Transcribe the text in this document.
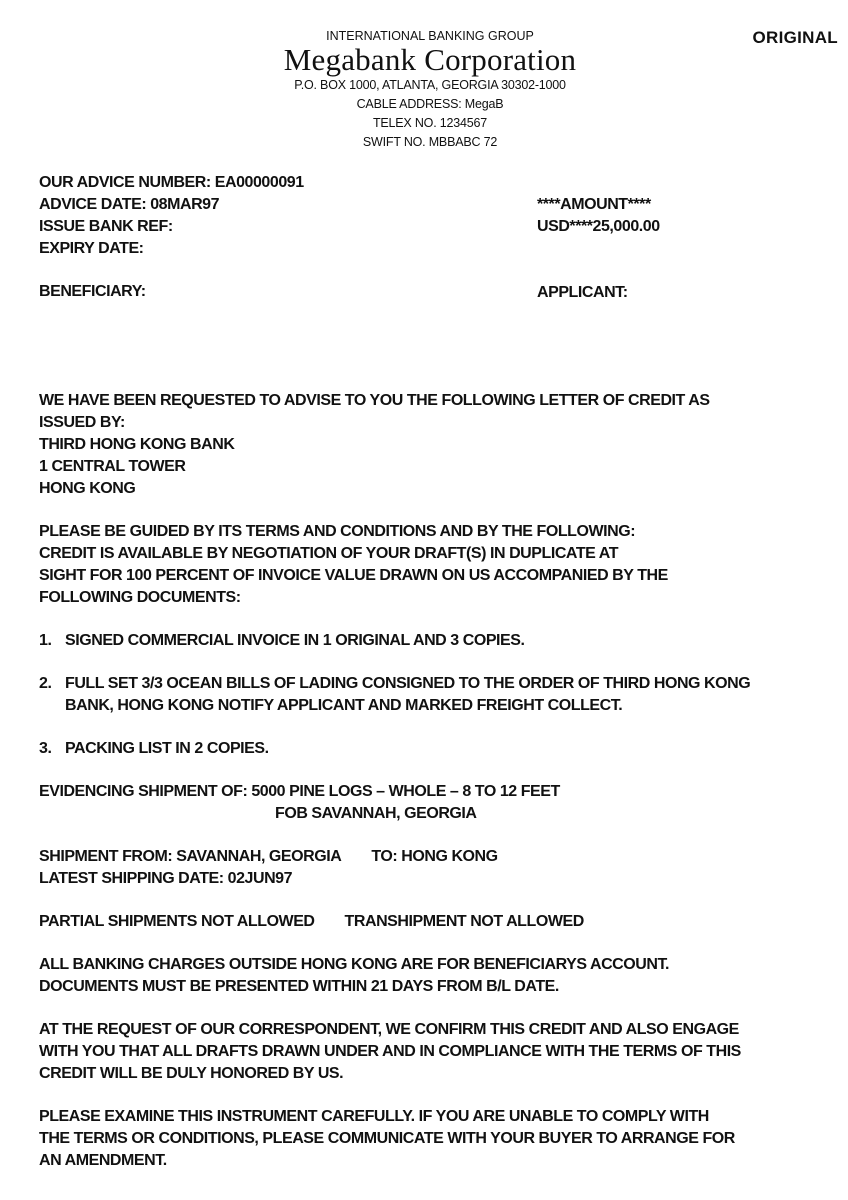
ORIGINAL
INTERNATIONAL BANKING GROUP
Megabank Corporation
P.O. BOX 1000, ATLANTA, GEORGIA 30302-1000
CABLE ADDRESS: MegaB
TELEX NO. 1234567
SWIFT NO. MBBABC 72
OUR ADVICE NUMBER: EA00000091
ADVICE DATE: 08MAR97
ISSUE BANK REF:
EXPIRY DATE:
****AMOUNT****
USD****25,000.00
BENEFICIARY:	APPLICANT:
WE HAVE BEEN REQUESTED TO ADVISE TO YOU THE FOLLOWING LETTER OF CREDIT AS
ISSUED BY:
THIRD HONG KONG BANK
1 CENTRAL TOWER
HONG KONG
PLEASE BE GUIDED BY ITS TERMS AND CONDITIONS AND BY THE FOLLOWING:
CREDIT IS AVAILABLE BY NEGOTIATION OF YOUR DRAFT(S) IN DUPLICATE AT
SIGHT FOR 100 PERCENT OF INVOICE VALUE DRAWN ON US ACCOMPANIED BY THE
FOLLOWING DOCUMENTS:
1. SIGNED COMMERCIAL INVOICE IN 1 ORIGINAL AND 3 COPIES.
2. FULL SET 3/3 OCEAN BILLS OF LADING CONSIGNED TO THE ORDER OF THIRD HONG KONG
BANK, HONG KONG NOTIFY APPLICANT AND MARKED FREIGHT COLLECT.
3. PACKING LIST IN 2 COPIES.
EVIDENCING SHIPMENT OF: 5000 PINE LOGS – WHOLE – 8 TO 12 FEET
FOB SAVANNAH, GEORGIA
SHIPMENT FROM: SAVANNAH, GEORGIA TO: HONG KONG
LATEST SHIPPING DATE: 02JUN97
PARTIAL SHIPMENTS NOT ALLOWED TRANSHIPMENT NOT ALLOWED
ALL BANKING CHARGES OUTSIDE HONG KONG ARE FOR BENEFICIARYS ACCOUNT.
DOCUMENTS MUST BE PRESENTED WITHIN 21 DAYS FROM B/L DATE.
AT THE REQUEST OF OUR CORRESPONDENT, WE CONFIRM THIS CREDIT AND ALSO ENGAGE
WITH YOU THAT ALL DRAFTS DRAWN UNDER AND IN COMPLIANCE WITH THE TERMS OF THIS
CREDIT WILL BE DULY HONORED BY US.
PLEASE EXAMINE THIS INSTRUMENT CAREFULLY. IF YOU ARE UNABLE TO COMPLY WITH
THE TERMS OR CONDITIONS, PLEASE COMMUNICATE WITH YOUR BUYER TO ARRANGE FOR
AN AMENDMENT.
